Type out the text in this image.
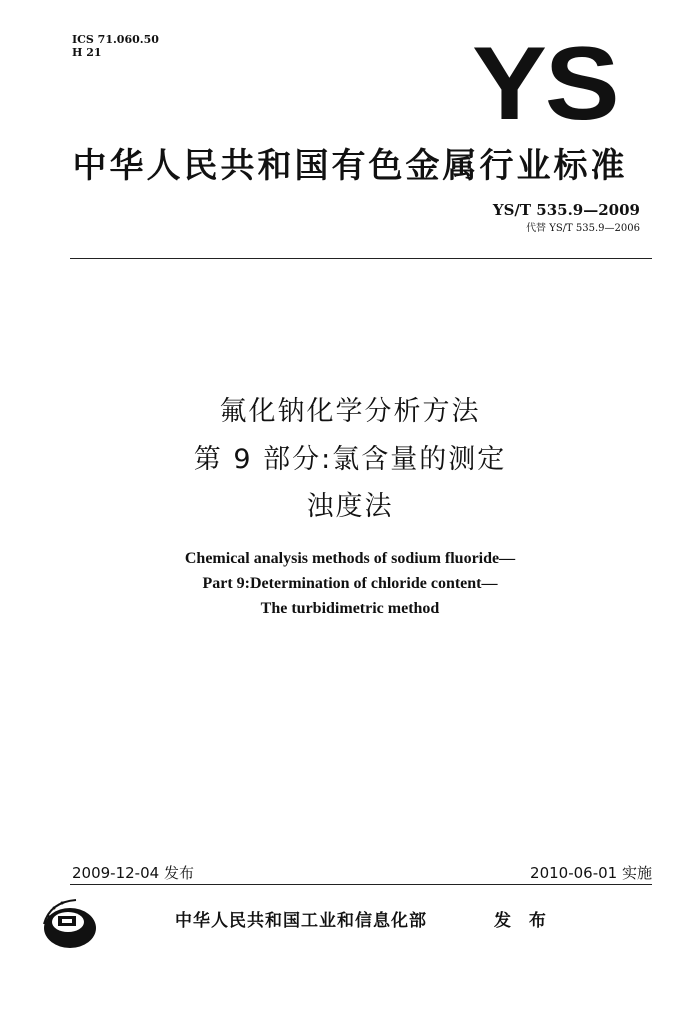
ICS 71.060.50
H 21	YS
中华人民共和国有色金属行业标准
YS/T 535.9—2009
代替 YS/T 535.9—2006
氟化钠化学分析方法
第 9 部分:氯含量的测定
浊度法
Chemical analysis methods of sodium fluoride—
Part 9:Determination of chloride content—
The turbidimetric method
2009-12-04 发布	2010-06-01 实施
中华人民共和国工业和信息化部	发 布
